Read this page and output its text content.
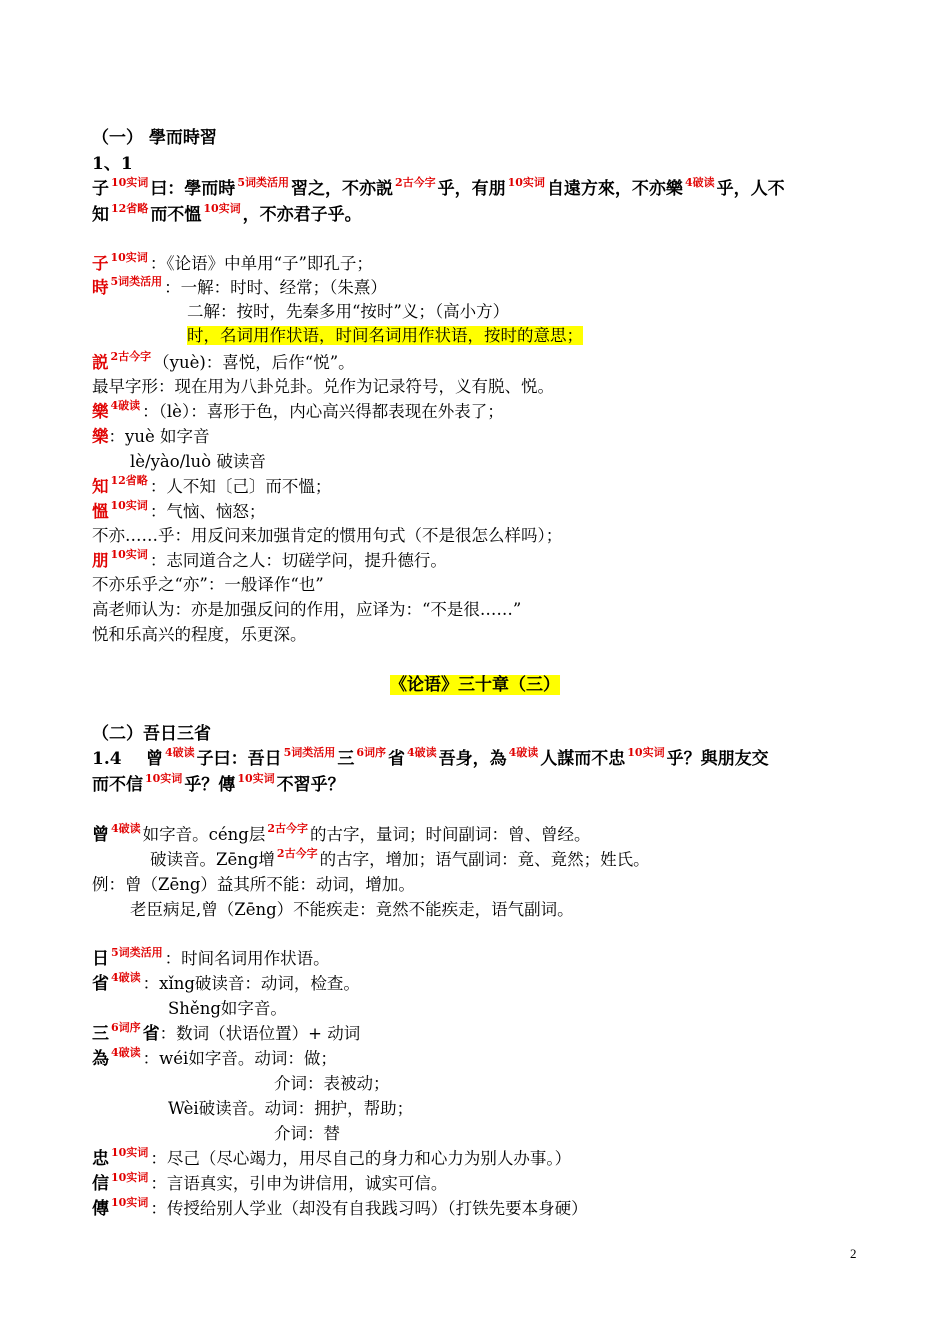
（一） 學而時習
1、1
子 $^{10实词}$ 曰：學而時 $^{5词类活用}$ 習之，不亦説 $^{2古今字}$ 乎，有朋 $^{10实词}$ 自遠方來，不亦樂 $^{4破读}$ 乎，人不
知 $^{12省略}$ 而不慍 $^{10实词}$ ，不亦君子乎。
子 $^{10实词}$ ：《论语》中单用“子”即孔子；
時 $^{5词类活用}$ ：一解：时时、经常；（朱熹）
二解：按时，先秦多用“按时”义；（高小方）
时，名词用作状语，时间名词用作状语，按时的意思；
説 $^{2古今字}$ （yuè)：喜悦，后作“悦”。
最早字形：现在用为八卦兑卦。兑作为记录符号，义有脱、悦。
樂 $^{4破读}$ ：（lè）：喜形于色，内心高兴得都表现在外表了；
樂：yuè 如字音
lè/yào/luò 破读音
知 $^{12省略}$ ：人不知〔己〕而不慍；
慍 $^{10实词}$ ：气恼、恼怒；
不亦……乎：用反问来加强肯定的惯用句式（不是很怎么样吗）；
朋 $^{10实词}$ ：志同道合之人：切磋学问，提升德行。
不亦乐乎之“亦”：一般译作“也”
高老师认为：亦是加强反问的作用，应译为：“不是很……”
悦和乐高兴的程度，乐更深。
《论语》三十章（三）
（二）吾日三省
1.4 曾 $^{4破读}$ 子曰：吾日 $^{5词类活用}$ 三 $^{6词序}$ 省 $^{4破读}$ 吾身，為 $^{4破读}$ 人謀而不忠 $^{10实词}$ 乎？與朋友交
而不信 $^{10实词}$ 乎？傳 $^{10实词}$ 不習乎？
曾 $^{4破读}$ 如字音。céng层 $^{2古今字}$ 的古字，量词；时间副词：曾、曾经。
破读音。Zēng增 $^{2古今字}$ 的古字，增加；语气副词：竟、竟然；姓氏。
例：曾（Zēng）益其所不能：动词，增加。
老臣病足,曾（Zēng）不能疾走：竟然不能疾走，语气副词。
日 $^{5词类活用}$ ：时间名词用作状语。
省 $^{4破读}$ ：xǐng破读音：动词，检查。
Shěng如字音。
三 $^{6词序}$ 省：数词（状语位置）+ 动词
為 $^{4破读}$ ：wéi如字音。动词：做；
介词：表被动；
Wèi破读音。动词：拥护，帮助；
介词：替
忠 $^{10实词}$ ：尽己（尽心竭力，用尽自己的身力和心力为别人办事。）
信 $^{10实词}$ ：言语真实，引申为讲信用，诚实可信。
傳 $^{10实词}$ ：传授给别人学业（却没有自我践习吗）（打铁先要本身硬）
2
